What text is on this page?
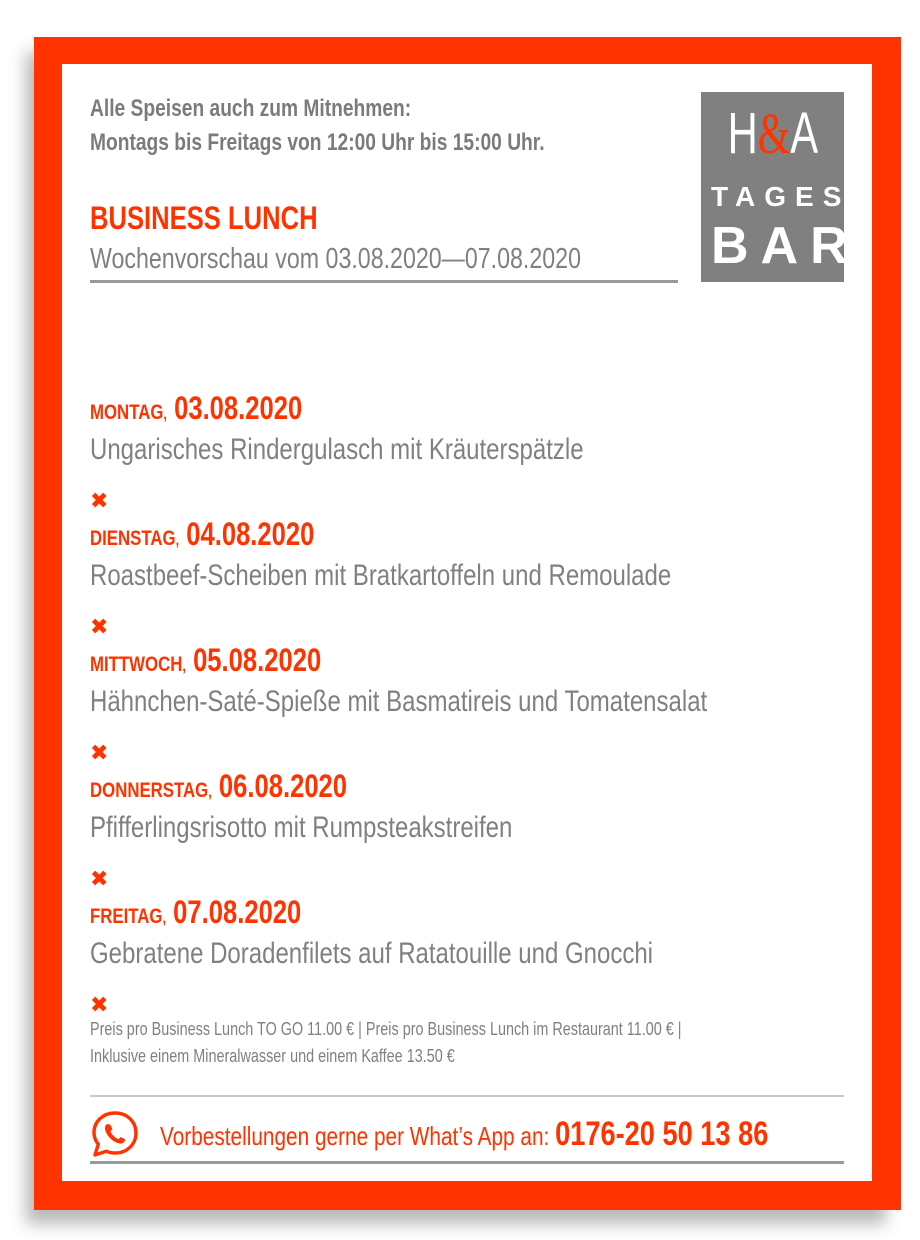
Alle Speisen auch zum Mitnehmen:
Montags bis Freitags von 12:00 Uhr bis 15:00 Uhr.
BUSINESS LUNCH
Wochenvorschau vom 03.08.2020—07.08.2020
H&A
TAGES
BAR
MONTAG,  03.08.2020
Ungarisches Rindergulasch mit Kräuterspätzle
✖
DIENSTAG,  04.08.2020
Roastbeef-Scheiben mit Bratkartoffeln und Remoulade
✖
MITTWOCH,  05.08.2020
Hähnchen-Saté-Spieße mit Basmatireis und Tomatensalat
✖
DONNERSTAG,  06.08.2020
Pfifferlingsrisotto mit Rumpsteakstreifen
✖
FREITAG,  07.08.2020
Gebratene Doradenfilets auf Ratatouille und Gnocchi
✖
Preis pro Business Lunch TO GO 11.00 € | Preis pro Business Lunch im Restaurant 11.00 € |
Inklusive einem Mineralwasser und einem Kaffee 13.50 €
Vorbestellungen gerne per What’s App an: 0176-20 50 13 86
